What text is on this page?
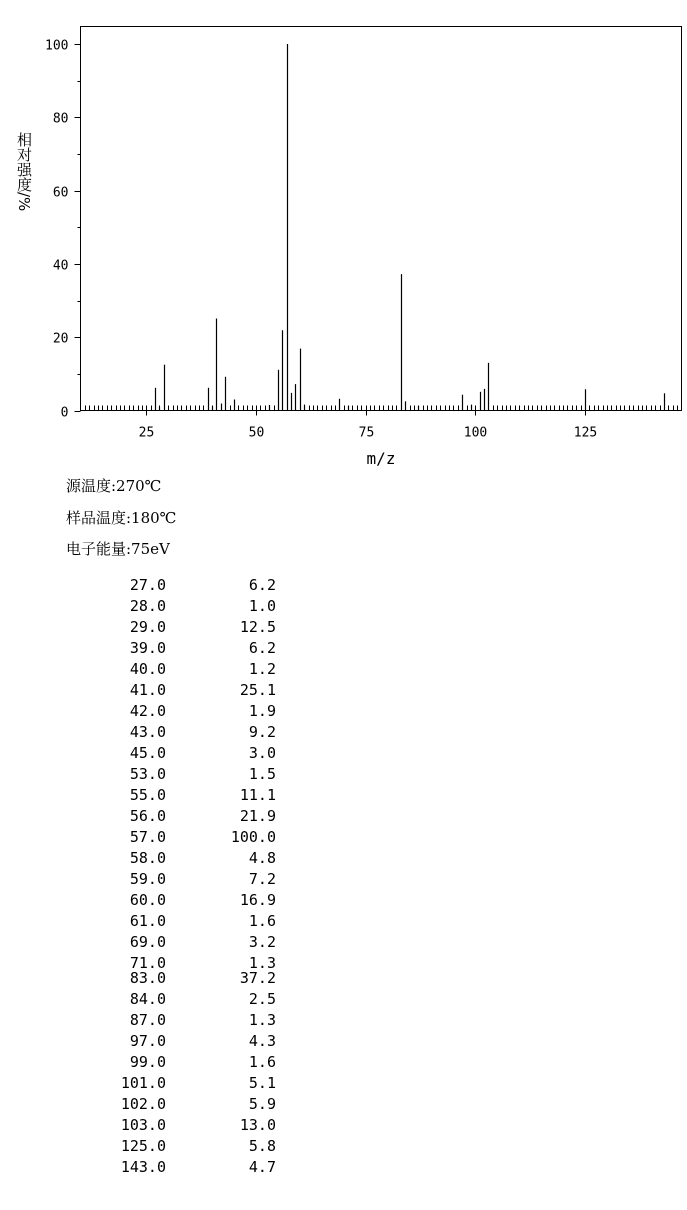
25	50	75	100	125
0
20
40
60
80
100
m/z
相对强度/%
源温度:270℃
样品温度:180℃
电子能量:75eV
27.0	6.2
28.0	1.0
29.0	12.5
39.0	6.2
40.0	1.2
41.0	25.1
42.0	1.9
43.0	9.2
45.0	3.0
53.0	1.5
55.0	11.1
56.0	21.9
57.0	100.0
58.0	4.8
59.0	7.2
60.0	16.9
61.0	1.6
69.0	3.2
71.0	1.3
83.0	37.2
84.0	2.5
87.0	1.3
97.0	4.3
99.0	1.6
101.0	5.1
102.0	5.9
103.0	13.0
125.0	5.8
143.0	4.7
